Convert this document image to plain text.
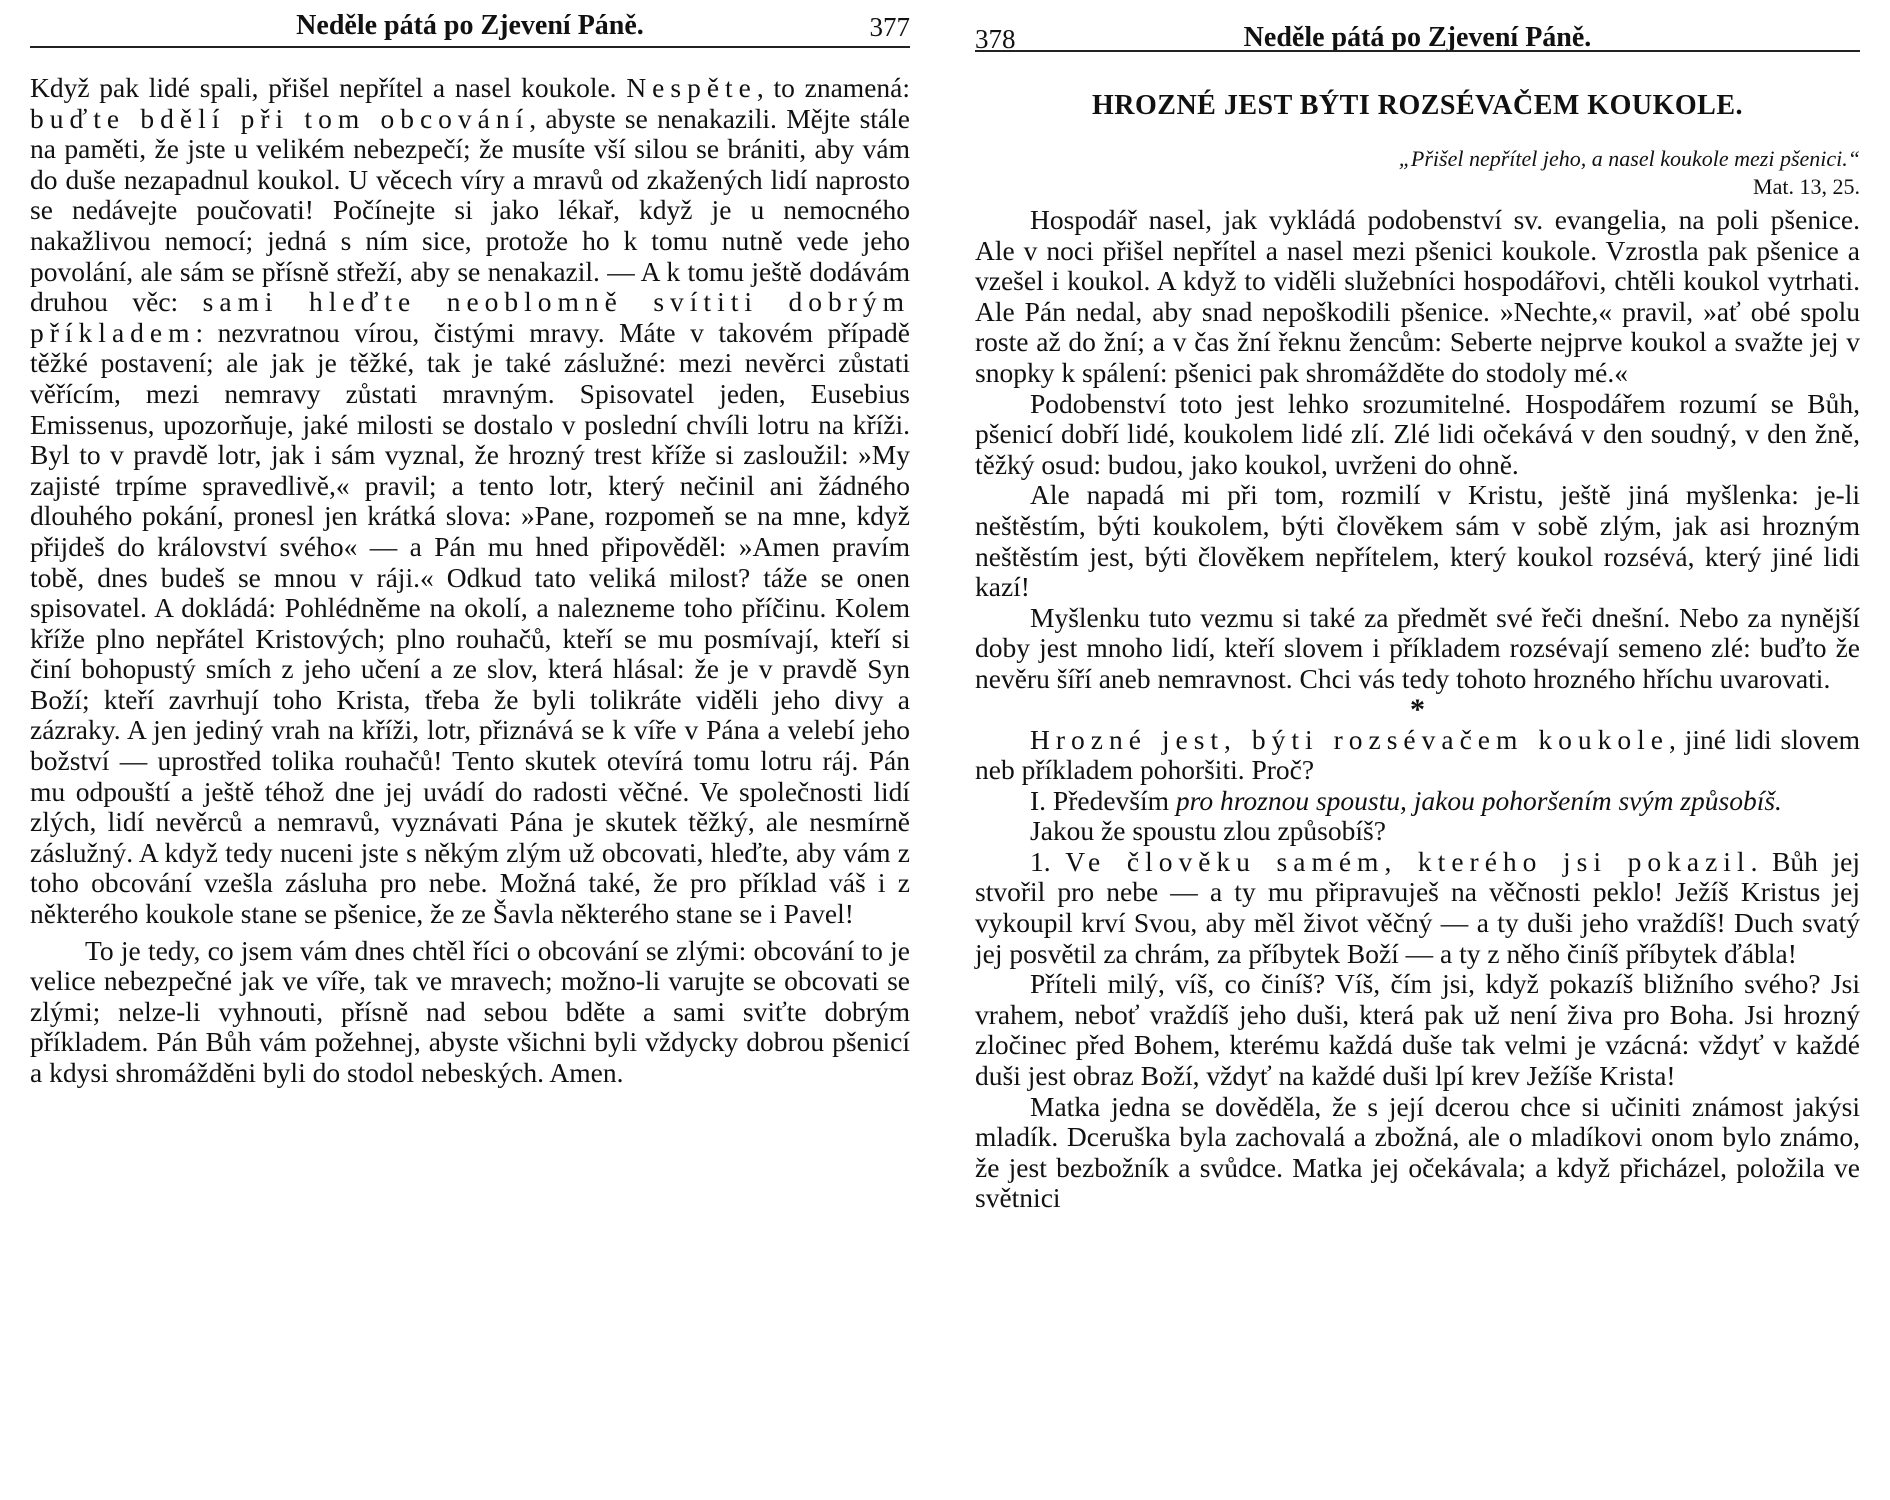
Neděle pátá po Zjevení Páně.	377

Když pak lidé spali, přišel nepřítel a nasel koukole. Nespěte, to znamená: buďte bdělí při tom obcování, abyste se nenakazili. Mějte stále na paměti, že jste u velikém nebezpečí; že musíte vší silou se brániti, aby vám do duše nezapadnul koukol. U věcech víry a mravů od zkažených lidí naprosto se nedávejte poučovati! Počínejte si jako lékař, když je u nemocného nakažlivou nemocí; jedná s ním sice, protože ho k tomu nutně vede jeho povolání, ale sám se přísně střeží, aby se nenakazil. — A k tomu ještě dodávám druhou věc: sami hleďte neoblomně svítiti dobrým příkladem: nezvratnou vírou, čistými mravy. Máte v takovém případě těžké postavení; ale jak je těžké, tak je také záslužné: mezi nevěrci zůstati věřícím, mezi nemravy zůstati mravným. Spisovatel jeden, Eusebius Emissenus, upozorňuje, jaké milosti se dostalo v poslední chvíli lotru na kříži. Byl to v pravdě lotr, jak i sám vyznal, že hrozný trest kříže si zasloužil: »My zajisté trpíme spravedlivě,« pravil; a tento lotr, který nečinil ani žádného dlouhého pokání, pronesl jen krátká slova: »Pane, rozpomeň se na mne, když přijdeš do království svého« — a Pán mu hned připověděl: »Amen pravím tobě, dnes budeš se mnou v ráji.« Odkud tato veliká milost? táže se onen spisovatel. A dokládá: Pohlédněme na okolí, a nalezneme toho příčinu. Kolem kříže plno nepřátel Kristových; plno rouhačů, kteří se mu posmívají, kteří si činí bohopustý smích z jeho učení a ze slov, která hlásal: že je v pravdě Syn Boží; kteří zavrhují toho Krista, třeba že byli tolikráte viděli jeho divy a zázraky. A jen jediný vrah na kříži, lotr, přiznává se k víře v Pána a velebí jeho božství — uprostřed tolika rouhačů! Tento skutek otevírá tomu lotru ráj. Pán mu odpouští a ještě téhož dne jej uvádí do radosti věčné. Ve společnosti lidí zlých, lidí nevěrců a nemravů, vyznávati Pána je skutek těžký, ale nesmírně záslužný. A když tedy nuceni jste s někým zlým už obcovati, hleďte, aby vám z toho obcování vzešla zásluha pro nebe. Možná také, že pro příklad váš i z některého koukole stane se pšenice, že ze Šavla některého stane se i Pavel!

To je tedy, co jsem vám dnes chtěl říci o obcování se zlými: obcování to je velice nebezpečné jak ve víře, tak ve mravech; možno-li varujte se obcovati se zlými; nelze-li vyhnouti, přísně nad sebou bděte a sami sviťte dobrým příkladem. Pán Bůh vám požehnej, abyste všichni byli vždycky dobrou pšenicí a kdysi shromážděni byli do stodol nebeských. Amen.

378	Neděle pátá po Zjevení Páně.
HROZNÉ JEST BÝTI ROZSÉVAČEM KOUKOLE.
„Přišel nepřítel jeho, a nasel koukole mezi pšenici.“
Mat. 13, 25.

Hospodář nasel, jak vykládá podobenství sv. evangelia, na poli pšenice. Ale v noci přišel nepřítel a nasel mezi pšenici koukole. Vzrostla pak pšenice a vzešel i koukol. A když to viděli služebníci hospodářovi, chtěli koukol vytrhati. Ale Pán nedal, aby snad nepoškodili pšenice. »Nechte,« pravil, »ať obé spolu roste až do žní; a v čas žní řeknu žencům: Seberte nejprve koukol a svažte jej v snopky k spálení: pšenici pak shromážděte do stodoly mé.«

Podobenství toto jest lehko srozumitelné. Hospodářem rozumí se Bůh, pšenicí dobří lidé, koukolem lidé zlí. Zlé lidi očekává v den soudný, v den žně, těžký osud: budou, jako koukol, uvrženi do ohně.

Ale napadá mi při tom, rozmilí v Kristu, ještě jiná myšlenka: je-li neštěstím, býti koukolem, býti člověkem sám v sobě zlým, jak asi hrozným neštěstím jest, býti člověkem nepřítelem, který koukol rozsévá, který jiné lidi kazí!

Myšlenku tuto vezmu si také za předmět své řeči dnešní. Nebo za nynější doby jest mnoho lidí, kteří slovem i příkladem rozsévají semeno zlé: buďto že nevěru šíří aneb nemravnost. Chci vás tedy tohoto hrozného hříchu uvarovati.

*

Hrozné jest, býti rozsévačem koukole, jiné lidi slovem neb příkladem pohoršiti. Proč?

I. Především pro hroznou spoustu, jakou pohoršením svým způsobíš.

Jakou že spoustu zlou způsobíš?

1. Ve člověku samém, kterého jsi pokazil. Bůh jej stvořil pro nebe — a ty mu připravuješ na věčnosti peklo! Ježíš Kristus jej vykoupil krví Svou, aby měl život věčný — a ty duši jeho vraždíš! Duch svatý jej posvětil za chrám, za příbytek Boží — a ty z něho činíš příbytek ďábla!

Příteli milý, víš, co činíš? Víš, čím jsi, když pokazíš bližního svého? Jsi vrahem, neboť vraždíš jeho duši, která pak už není živa pro Boha. Jsi hrozný zločinec před Bohem, kterému každá duše tak velmi je vzácná: vždyť v každé duši jest obraz Boží, vždyť na každé duši lpí krev Ježíše Krista!

Matka jedna se dověděla, že s její dcerou chce si učiniti známost jakýsi mladík. Dceruška byla zachovalá a zbožná, ale o mladíkovi onom bylo známo, že jest bezbožník a svůdce. Matka jej očekávala; a když přicházel, položila ve světnici
